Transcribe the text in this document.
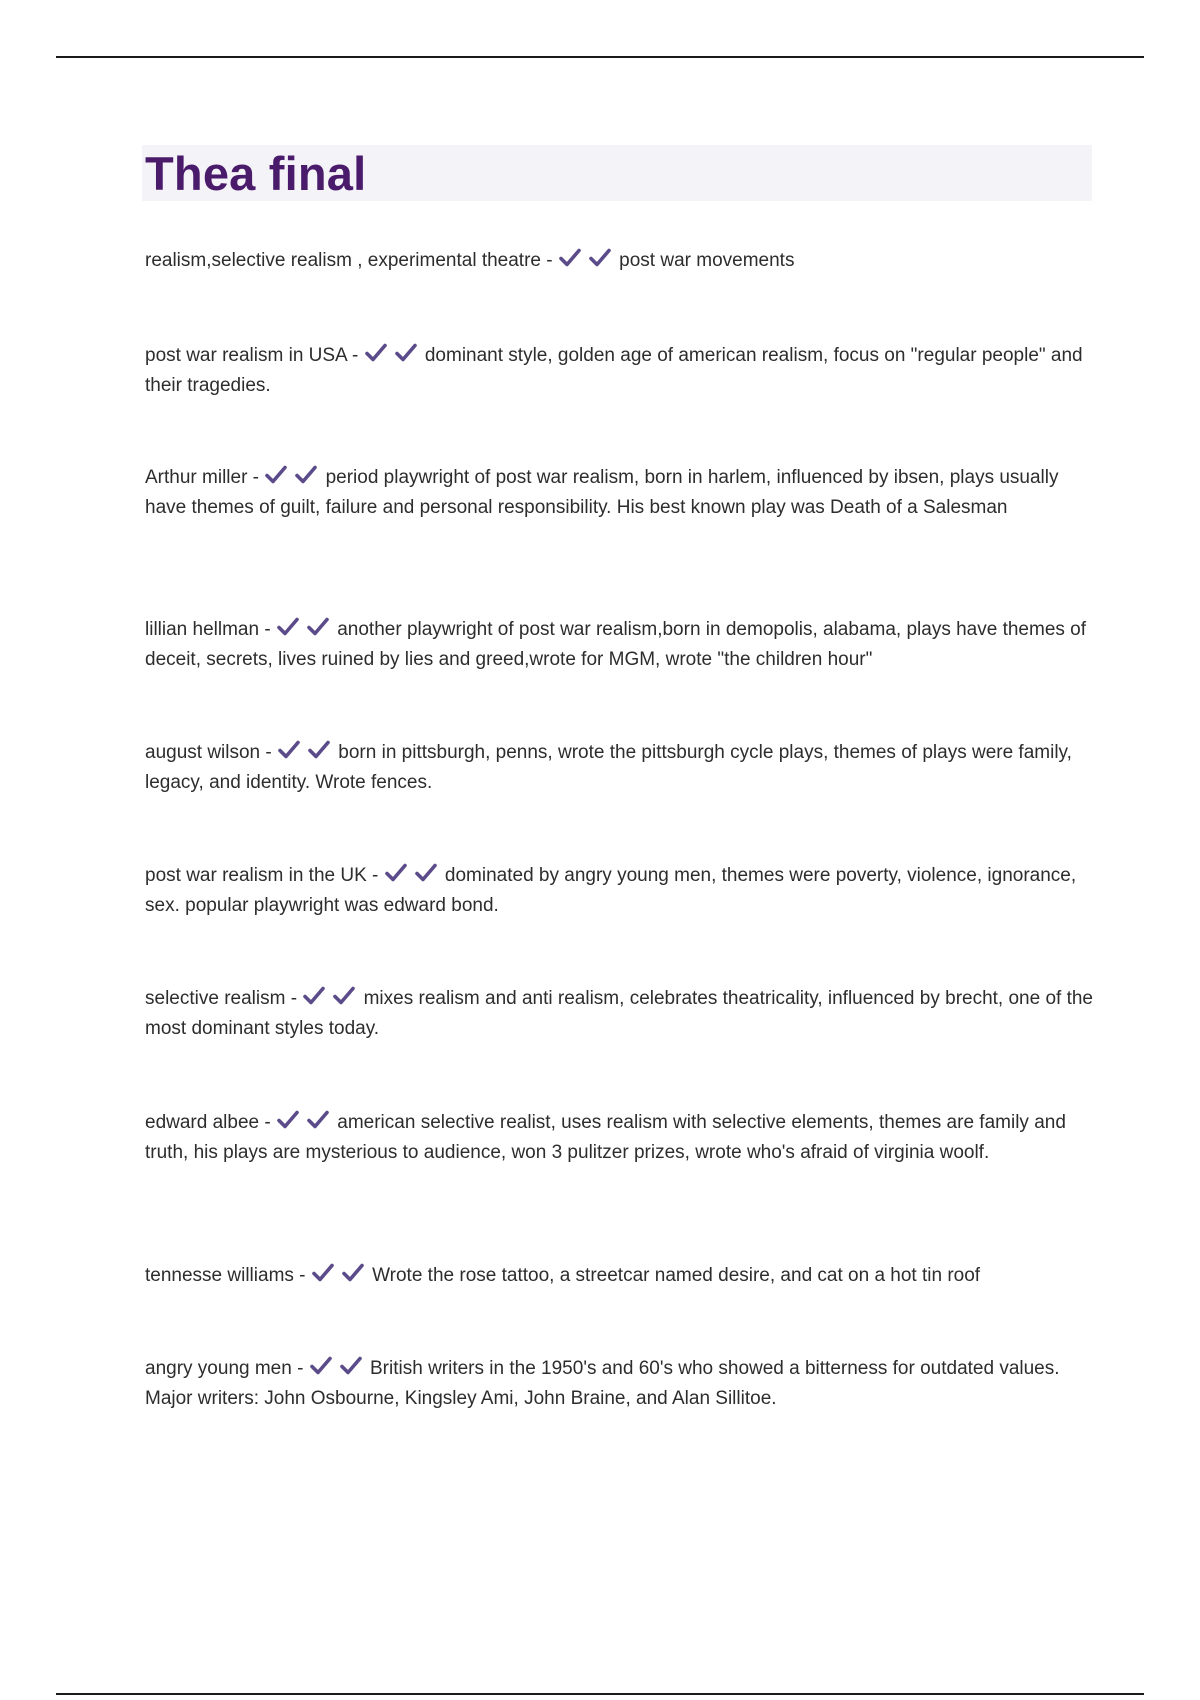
Thea final

realism,selective realism , experimental theatre -	post war movements

post war realism in USA -	dominant style, golden age of american realism, focus on "regular people" and their tragedies.

Arthur miller -	period playwright of post war realism, born in harlem, influenced by ibsen, plays usually have themes of guilt, failure and personal responsibility. His best known play was Death of a Salesman

lillian hellman -	another playwright of post war realism,born in demopolis, alabama, plays have themes of deceit, secrets, lives ruined by lies and greed,wrote for MGM, wrote "the children hour"

august wilson -	born in pittsburgh, penns, wrote the pittsburgh cycle plays, themes of plays were family, legacy, and identity. Wrote fences.

post war realism in the UK -	dominated by angry young men, themes were poverty, violence, ignorance, sex. popular playwright was edward bond.

selective realism -	mixes realism and anti realism, celebrates theatricality, influenced by brecht, one of the most dominant styles today.

edward albee -	american selective realist, uses realism with selective elements, themes are family and truth, his plays are mysterious to audience, won 3 pulitzer prizes, wrote who's afraid of virginia woolf.

tennesse williams -	Wrote the rose tattoo, a streetcar named desire, and cat on a hot tin roof

angry young men -	British writers in the 1950's and 60's who showed a bitterness for outdated values. Major writers: John Osbourne, Kingsley Ami, John Braine, and Alan Sillitoe.
